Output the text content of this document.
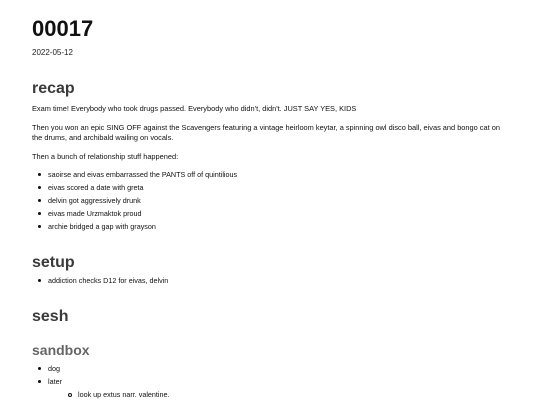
00017
2022-05-12
recap

Exam time! Everybody who took drugs passed. Everybody who didn't, didn't. JUST SAY YES, KIDS

Then you won an epic SING OFF against the Scavengers featuring a vintage heirloom keytar, a spinning owl disco ball, eivas and bongo cat on the drums, and archibald wailing on vocals.

Then a bunch of relationship stuff happened:

saoirse and eivas embarrassed the PANTS off of quintilious
eivas scored a date with greta
delvin got aggressively drunk
eivas made Urzmaktok proud
archie bridged a gap with grayson
setup
addiction checks D12 for eivas, delvin
sesh
sandbox
dog
later
look up extus narr. valentine.
